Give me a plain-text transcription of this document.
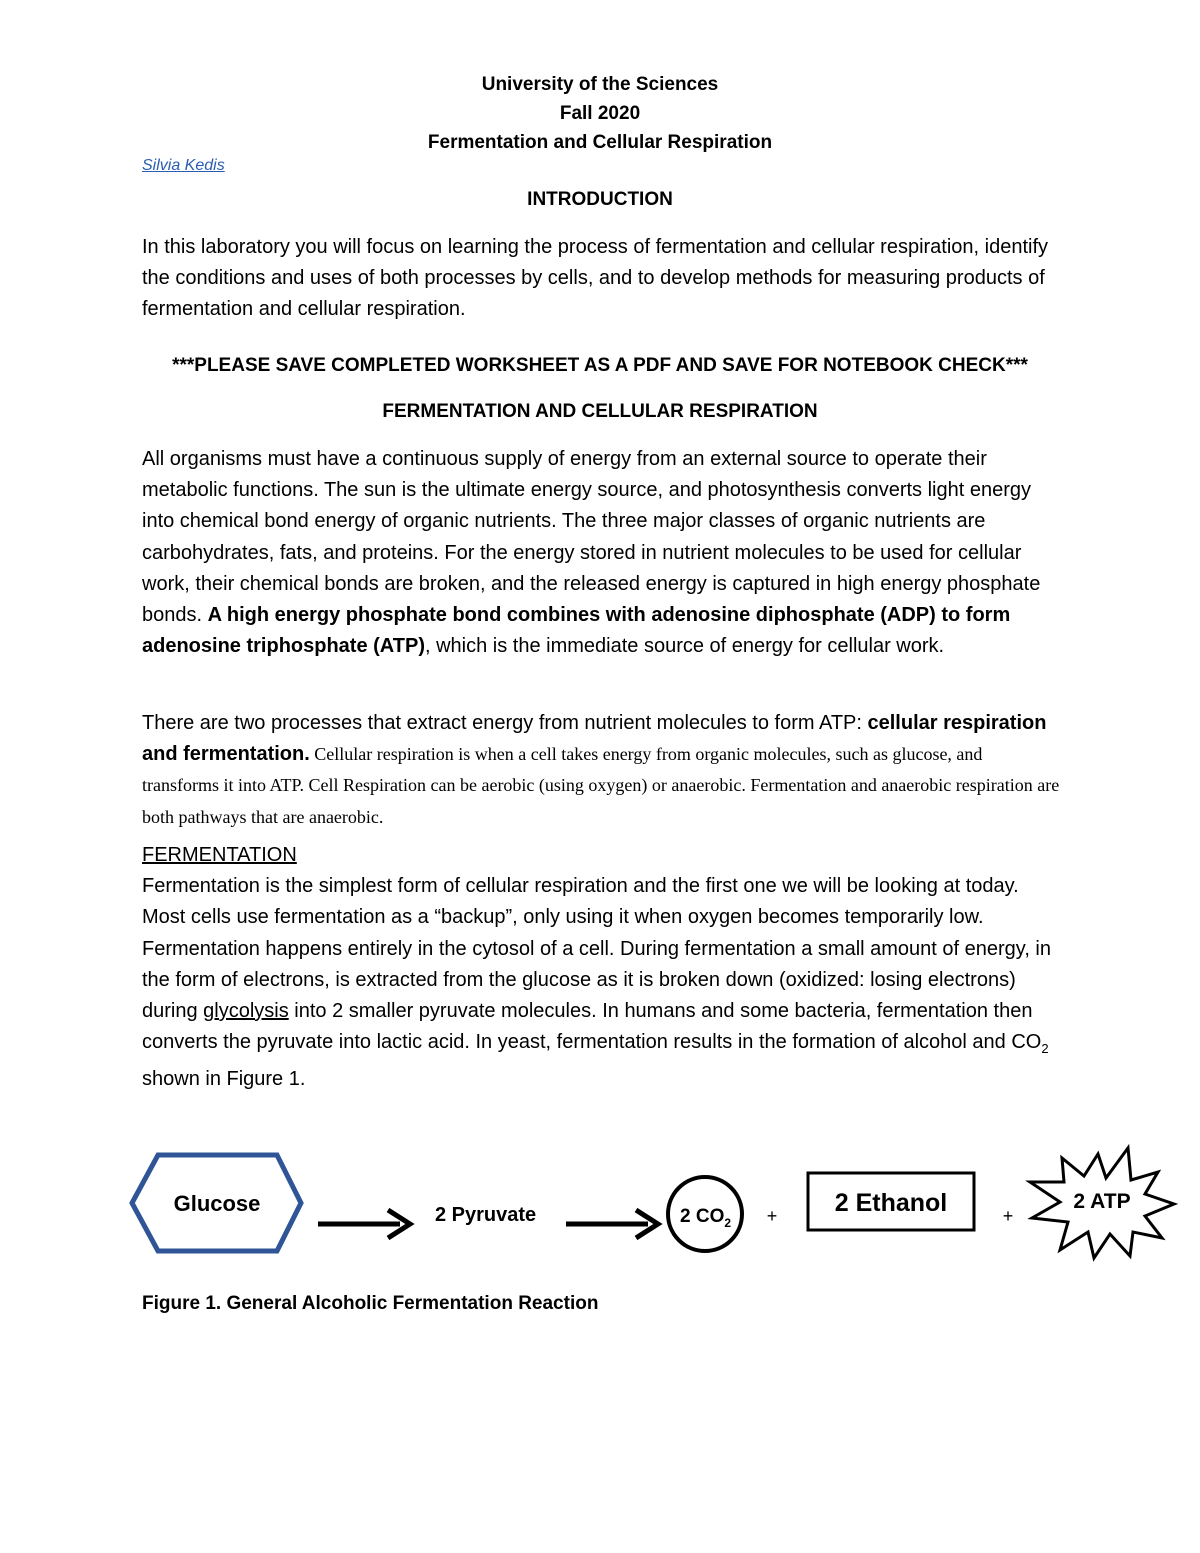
University of the Sciences
Fall 2020
Fermentation and Cellular Respiration
Silvia Kedis
INTRODUCTION
In this laboratory you will focus on learning the process of fermentation and cellular respiration, identify the conditions and uses of both processes by cells, and to develop methods for measuring products of fermentation and cellular respiration.
***PLEASE SAVE COMPLETED WORKSHEET AS A PDF AND SAVE FOR NOTEBOOK CHECK***
FERMENTATION AND CELLULAR RESPIRATION
All organisms must have a continuous supply of energy from an external source to operate their metabolic functions. The sun is the ultimate energy source, and photosynthesis converts light energy into chemical bond energy of organic nutrients. The three major classes of organic nutrients are carbohydrates, fats, and proteins. For the energy stored in nutrient molecules to be used for cellular work, their chemical bonds are broken, and the released energy is captured in high energy phosphate bonds. A high energy phosphate bond combines with adenosine diphosphate (ADP) to form adenosine triphosphate (ATP), which is the immediate source of energy for cellular work.
There are two processes that extract energy from nutrient molecules to form ATP: cellular respiration and fermentation. Cellular respiration is when a cell takes energy from organic molecules, such as glucose, and transforms it into ATP. Cell Respiration can be aerobic (using oxygen) or anaerobic. Fermentation and anaerobic respiration are both pathways that are anaerobic.
FERMENTATION
Fermentation is the simplest form of cellular respiration and the first one we will be looking at today. Most cells use fermentation as a “backup”, only using it when oxygen becomes temporarily low. Fermentation happens entirely in the cytosol of a cell. During fermentation a small amount of energy, in the form of electrons, is extracted from the glucose as it is broken down (oxidized: losing electrons) during glycolysis into 2 smaller pyruvate molecules. In humans and some bacteria, fermentation then converts the pyruvate into lactic acid. In yeast, fermentation results in the formation of alcohol and $CO_2$ shown in Figure 1.
Glucose	2 Pyruvate	2 $CO_2 + 2$ Ethanol	+
2 ATP
Figure 1. General Alcoholic Fermentation Reaction
